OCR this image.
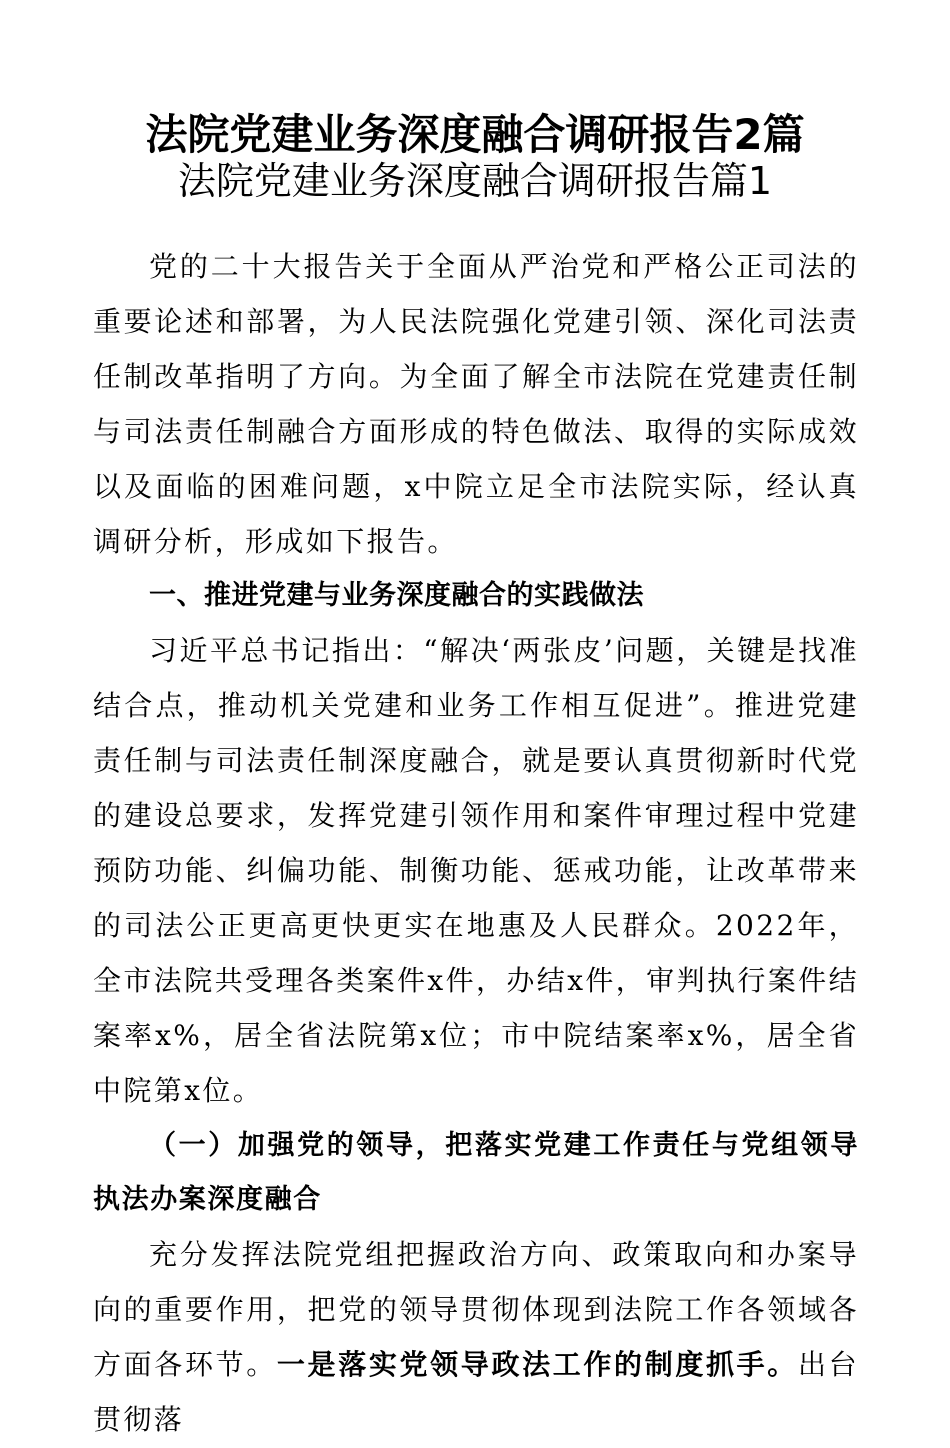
法院党建业务深度融合调研报告2篇
法院党建业务深度融合调研报告篇1

党的二十大报告关于全面从严治党和严格公正司法的重要论述和部署，为人民法院强化党建引领、深化司法责任制改革指明了方向。为全面了解全市法院在党建责任制与司法责任制融合方面形成的特色做法、取得的实际成效以及面临的困难问题，x中院立足全市法院实际，经认真调研分析，形成如下报告。

一、推进党建与业务深度融合的实践做法

习近平总书记指出：“解决‘两张皮’问题，关键是找准结合点，推动机关党建和业务工作相互促进”。推进党建责任制与司法责任制深度融合，就是要认真贯彻新时代党的建设总要求，发挥党建引领作用和案件审理过程中党建预防功能、纠偏功能、制衡功能、惩戒功能，让改革带来的司法公正更高更快更实在地惠及人民群众。2022年，全市法院共受理各类案件x件，办结x件，审判执行案件结案率x%，居全省法院第x位；市中院结案率x%，居全省中院第x位。

（一）加强党的领导，把落实党建工作责任与党组领导执法办案深度融合

充分发挥法院党组把握政治方向、政策取向和办案导向的重要作用，把党的领导贯彻体现到法院工作各领域各方面各环节。一是落实党领导政法工作的制度抓手。出台贯彻落
